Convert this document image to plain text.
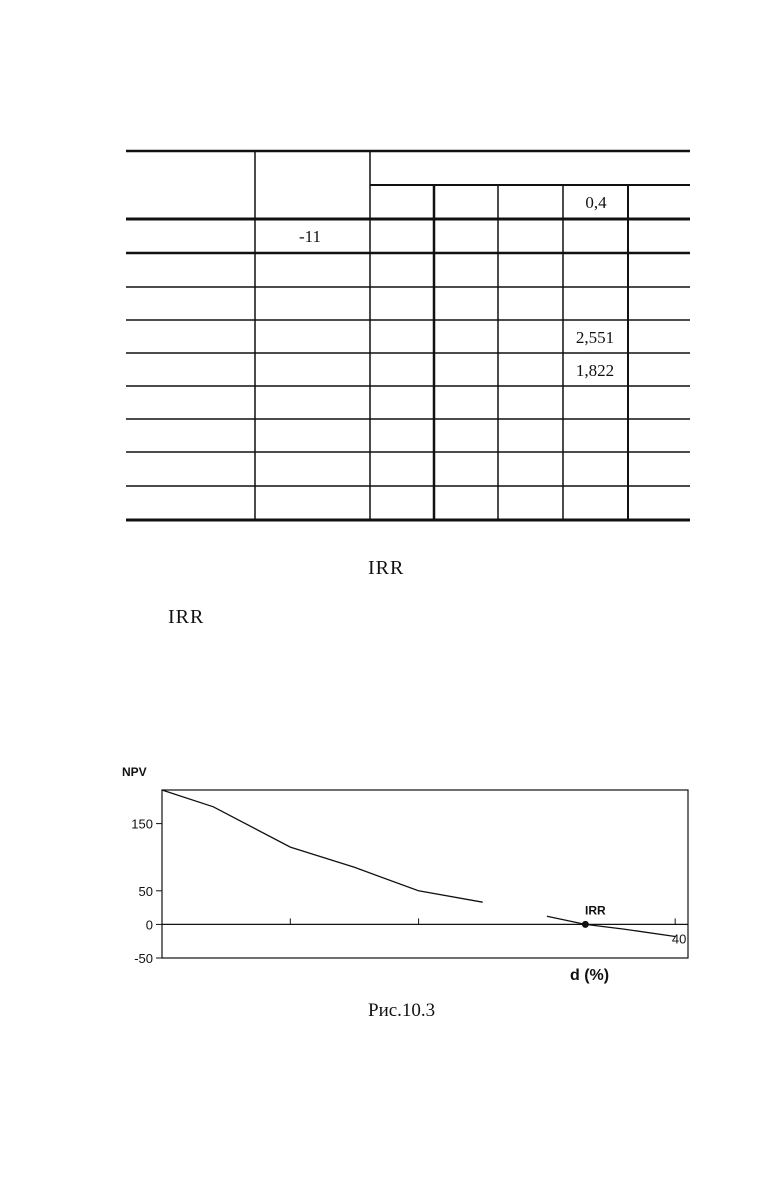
0,4
-11
2,551
1,822
IRR
IRR
150
50
0
-50
NPV
40
d (%)
IRR
Рис.10.3
